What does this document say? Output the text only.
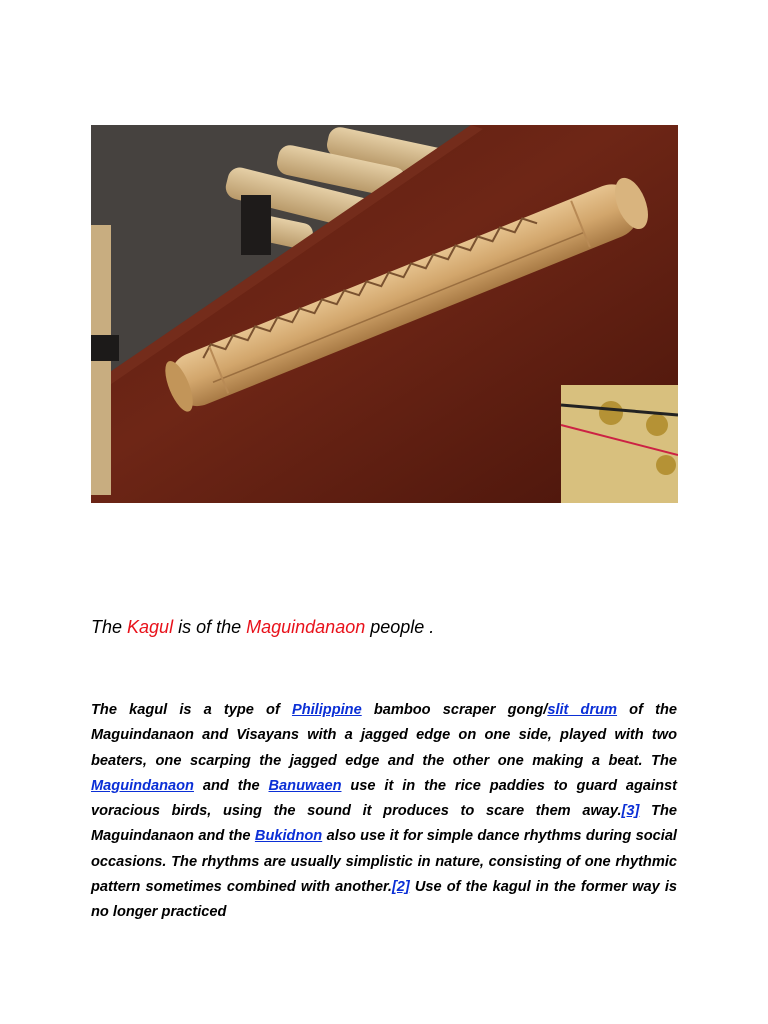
The Kagul is of the Maguindanaon people .
The kagul is a type of Philippine bamboo scraper gong/slit drum of the Maguindanaon and Visayans with a jagged edge on one side, played with two beaters, one scarping the jagged edge and the other one making a beat. The Maguindanaon and the Banuwaen use it in the rice paddies to guard against voracious birds, using the sound it produces to scare them away.[3] The Maguindanaon and the Bukidnon also use it for simple dance rhythms during social occasions. The rhythms are usually simplistic in nature, consisting of one rhythmic pattern sometimes combined with another.[2] Use of the kagul in the former way is no longer practiced
